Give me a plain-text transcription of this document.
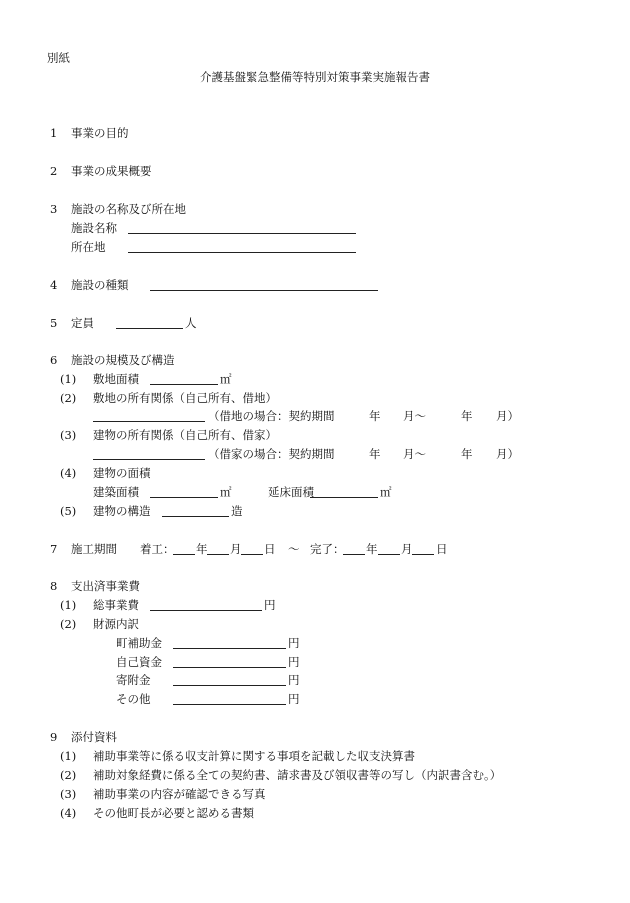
別紙
介護基盤緊急整備等特別対策事業実施報告書
1 事業の目的
2 事業の成果概要
3 施設の名称及び所在地
施設名称
所在地
4 施設の種類
5 定員	人
6 施設の規模及び構造
(1) 敷地面積	㎡
(2) 敷地の所有関係（自己所有、借地）
（借地の場合：契約期間	年 月～	年 月）
(3) 建物の所有関係（自己所有、借家）
（借家の場合：契約期間	年 月～	年 月）
(4) 建物の面積
建築面積	㎡	延床面積	㎡
(5) 建物の構造	造
7 施工期間 着工： 年 月 日 ～ 完了： 年 月 日
8 支出済事業費
(1) 総事業費	円
(2) 財源内訳
町補助金	円
自己資金	円
寄附金	円
その他	円
9 添付資料
(1) 補助事業等に係る収支計算に関する事項を記載した収支決算書
(2) 補助対象経費に係る全ての契約書、請求書及び領収書等の写し（内訳書含む。）
(3) 補助事業の内容が確認できる写真
(4) その他町長が必要と認める書類
